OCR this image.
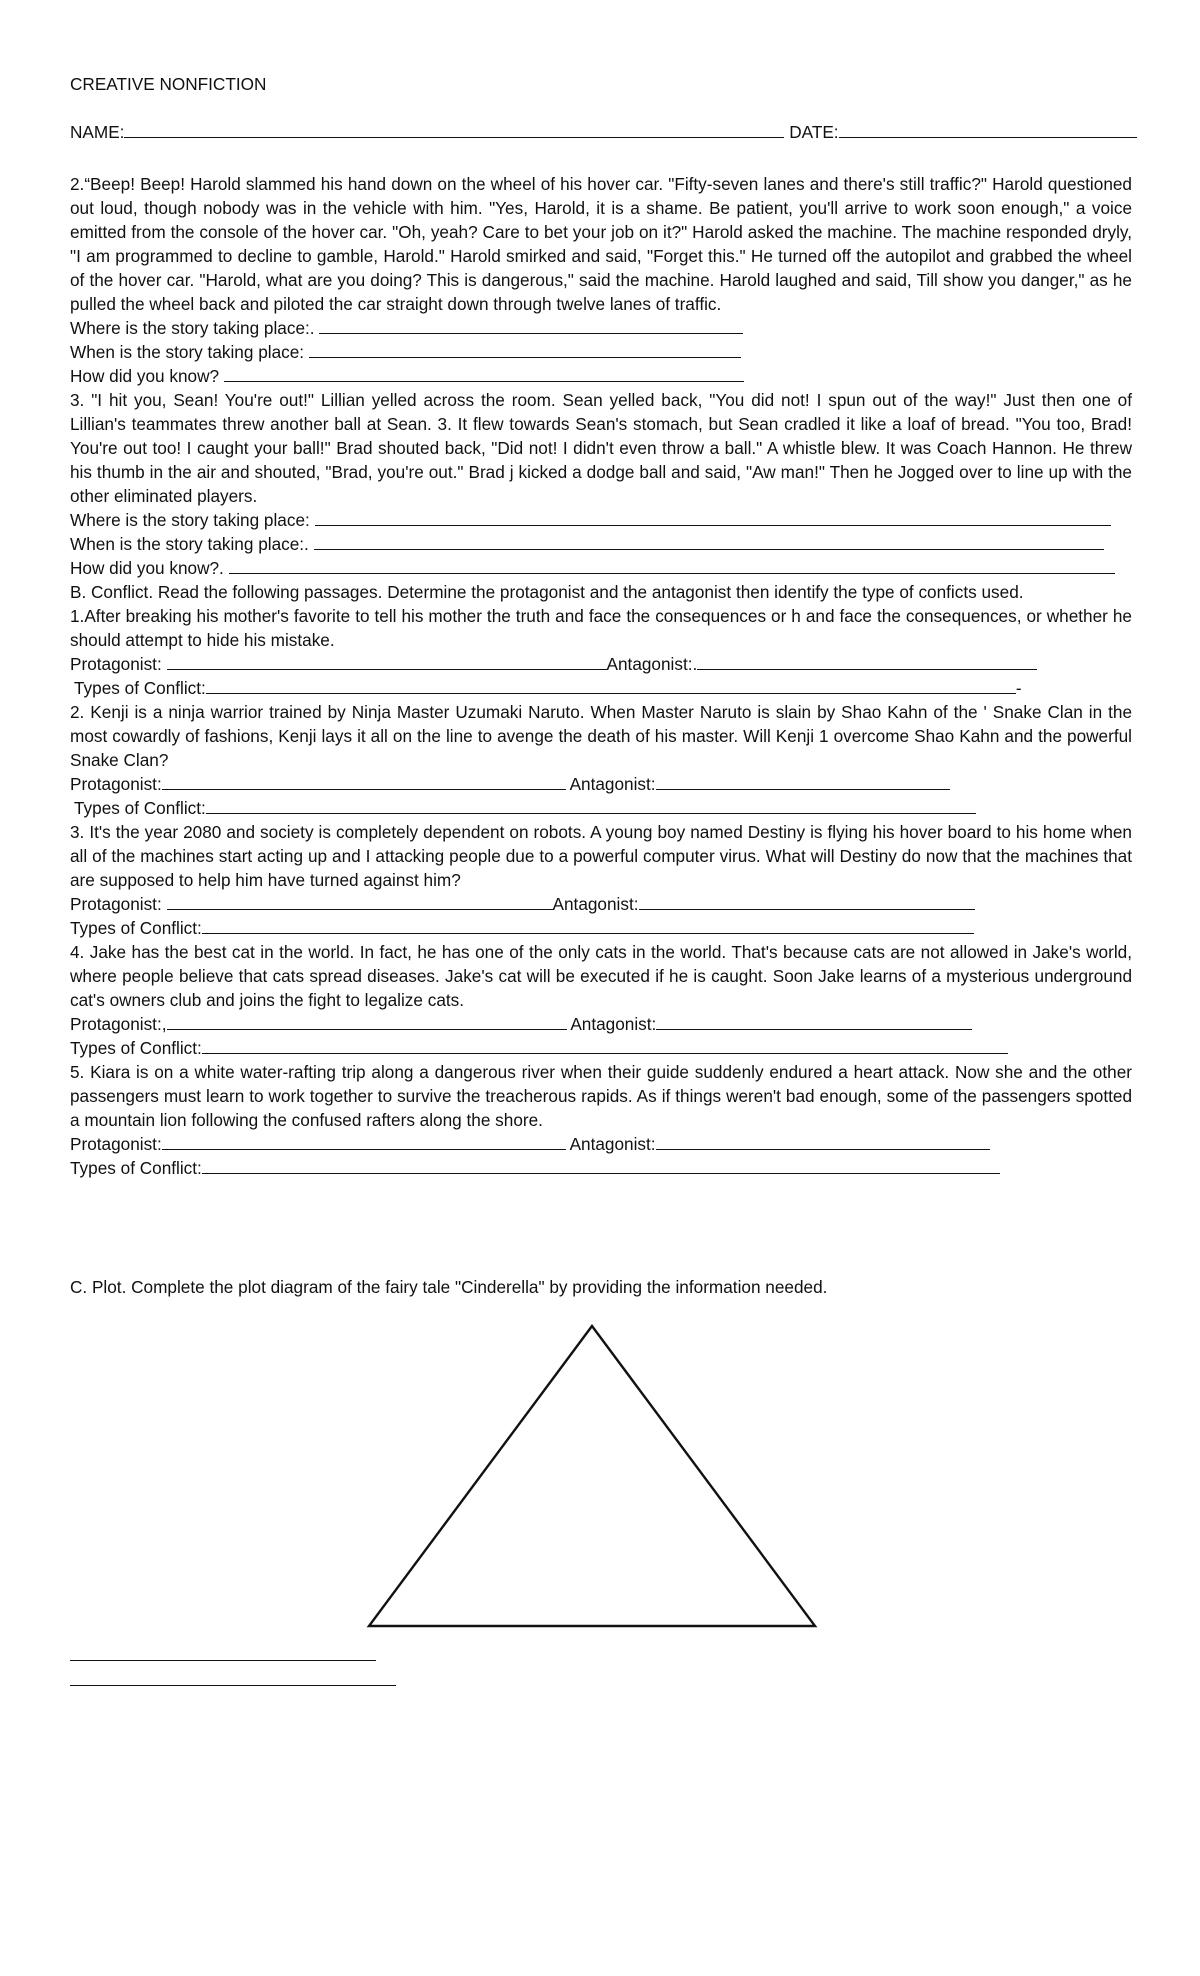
CREATIVE NONFICTION
NAME:	DATE:
2.“Beep! Beep! Harold slammed his hand down on the wheel of his hover car. "Fifty-seven lanes and there's still traffic?" Harold questioned out loud, though nobody was in the vehicle with him. "Yes, Harold, it is a shame. Be patient, you'll arrive to work soon enough," a voice emitted from the console of the hover car. "Oh, yeah? Care to bet your job on it?" Harold asked the machine. The machine responded dryly, "I am programmed to decline to gamble, Harold." Harold smirked and said, "Forget this." He turned off the autopilot and grabbed the wheel of the hover car. "Harold, what are you doing? This is dangerous," said the machine. Harold laughed and said, Till show you danger," as he pulled the wheel back and piloted the car straight down through twelve lanes of traffic.
Where is the story taking place:.
When is the story taking place:
How did you know?
3. "I hit you, Sean! You're out!" Lillian yelled across the room. Sean yelled back, "You did not! I spun out of the way!" Just then one of Lillian's teammates threw another ball at Sean. 3. It flew towards Sean's stomach, but Sean cradled it like a loaf of bread. "You too, Brad! You're out too! I caught your ball!" Brad shouted back, "Did not! I didn't even throw a ball." A whistle blew. It was Coach Hannon. He threw his thumb in the air and shouted, "Brad, you're out." Brad j kicked a dodge ball and said, "Aw man!" Then he Jogged over to line up with the other eliminated players.
Where is the story taking place:
When is the story taking place:.
How did you know?.
B. Conflict. Read the following passages. Determine the protagonist and the antagonist then identify the type of conficts used.
1.After breaking his mother's favorite to tell his mother the truth and face the consequences or h and face the consequences, or whether he should attempt to hide his mistake.
Protagonist:	Antagonist:.
Types of Conflict:	-
2. Kenji is a ninja warrior trained by Ninja Master Uzumaki Naruto. When Master Naruto is slain by Shao Kahn of the ' Snake Clan in the most cowardly of fashions, Kenji lays it all on the line to avenge the death of his master. Will Kenji 1 overcome Shao Kahn and the powerful Snake Clan?
Protagonist:	Antagonist:
Types of Conflict:
3. It's the year 2080 and society is completely dependent on robots. A young boy named Destiny is flying his hover board to his home when all of the machines start acting up and I attacking people due to a powerful computer virus. What will Destiny do now that the machines that are supposed to help him have turned against him?
Protagonist:	Antagonist:
Types of Conflict:
4. Jake has the best cat in the world. In fact, he has one of the only cats in the world. That's because cats are not allowed in Jake's world, where people believe that cats spread diseases. Jake's cat will be executed if he is caught. Soon Jake learns of a mysterious underground cat's owners club and joins the fight to legalize cats.
Protagonist:,	Antagonist:
Types of Conflict:
5. Kiara is on a white water-rafting trip along a dangerous river when their guide suddenly endured a heart attack. Now she and the other passengers must learn to work together to survive the treacherous rapids. As if things weren't bad enough, some of the passengers spotted a mountain lion following the confused rafters along the shore.
Protagonist:	Antagonist:
Types of Conflict:
C. Plot. Complete the plot diagram of the fairy tale "Cinderella" by providing the information needed.
